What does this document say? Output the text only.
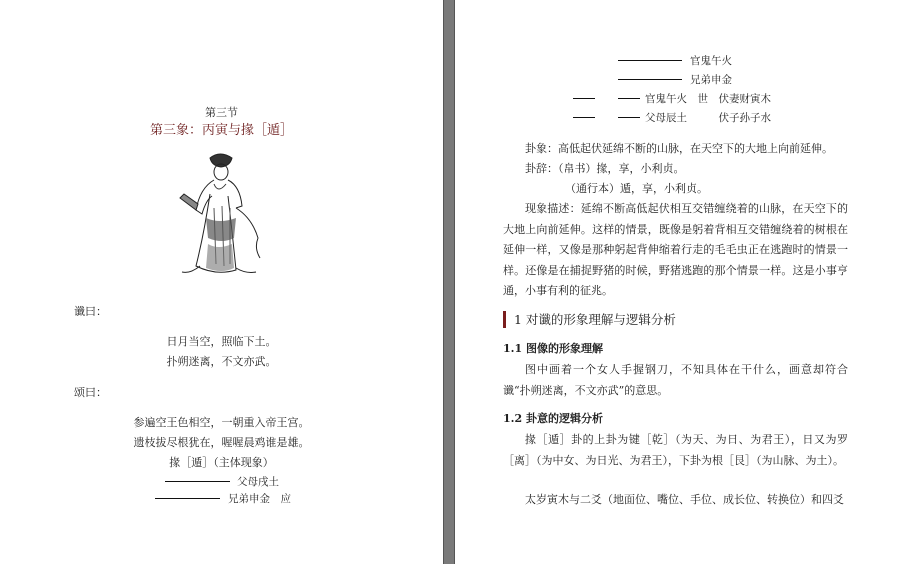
第三节
第三象：丙寅与掾［遁］
谶曰：
日月当空，照临下土。
扑朔迷离，不文亦武。
颂曰：
参遍空王色相空，一朝重入帝王宫。
遗枝拔尽根犹在，喔喔晨鸡谁是雄。
掾［遁］（主体现象）
父母戌土
兄弟申金　应
官鬼午火
兄弟申金
官鬼午火　世　伏妻财寅木
父母辰土　　　伏子孙子水
卦象：高低起伏延绵不断的山脉，在天空下的大地上向前延伸。
卦辞：（帛书）掾，享，小利贞。
（通行本）遁，享，小利贞。
现象描述：延绵不断高低起伏相互交错缠绕着的山脉，在天空下的大地上向前延伸。这样的情景，既像是躬着背相互交错缠绕着的树根在延伸一样，又像是那种躬起背伸缩着行走的毛毛虫正在逃跑时的情景一样。还像是在捕捉野猪的时候，野猪逃跑的那个情景一样。这是小事亨通，小事有利的征兆。
1 对谶的形象理解与逻辑分析
1.1 图像的形象理解
图中画着一个女人手握钢刀，不知具体在干什么，画意却符合谶“扑朔迷离，不文亦武”的意思。
1.2 卦意的逻辑分析
掾［遁］卦的上卦为键［乾］（为天、为日、为君王），日又为罗［离］（为中女、为日光、为君王），下卦为根［艮］（为山脉、为土）。
太岁寅木与二爻（地面位、嘴位、手位、成长位、转换位）和四爻
